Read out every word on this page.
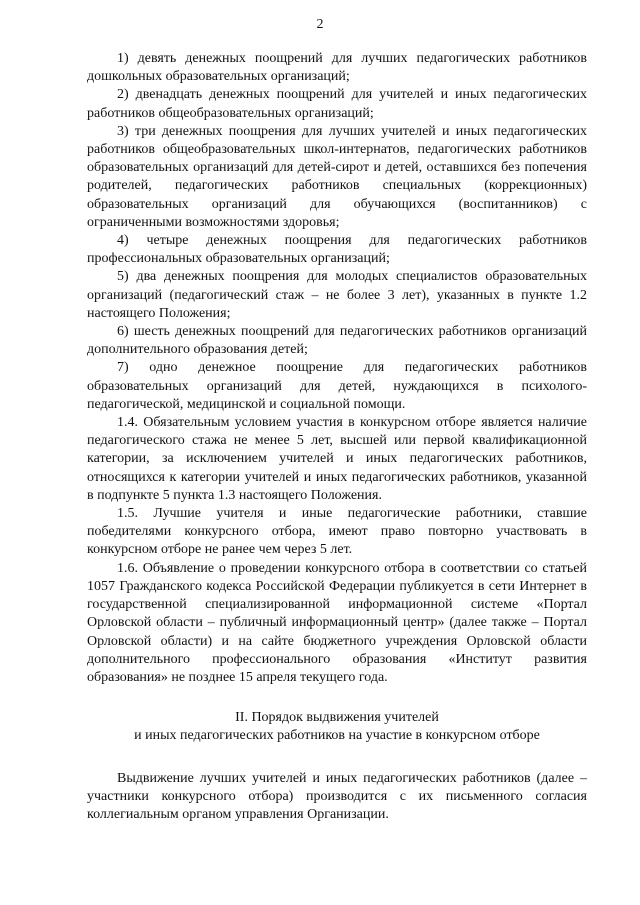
2

1) девять денежных поощрений для лучших педагогических работников дошкольных образовательных организаций;

2) двенадцать денежных поощрений для учителей и иных педагогических работников общеобразовательных организаций;

3) три денежных поощрения для лучших учителей и иных педагогических работников общеобразовательных школ-интернатов, педагогических работников образовательных организаций для детей-сирот и детей, оставшихся без попечения родителей, педагогических работников специальных (коррекционных) образовательных организаций для обучающихся (воспитанников) с ограниченными возможностями здоровья;

4) четыре денежных поощрения для педагогических работников профессиональных образовательных организаций;

5) два денежных поощрения для молодых специалистов образовательных организаций (педагогический стаж – не более 3 лет), указанных в пункте 1.2 настоящего Положения;

6) шесть денежных поощрений для педагогических работников организаций дополнительного образования детей;

7) одно денежное поощрение для педагогических работников образовательных организаций для детей, нуждающихся в психолого-педагогической, медицинской и социальной помощи.

1.4. Обязательным условием участия в конкурсном отборе является наличие педагогического стажа не менее 5 лет, высшей или первой квалификационной категории, за исключением учителей и иных педагогических работников, относящихся к категории учителей и иных педагогических работников, указанной в подпункте 5 пункта 1.3 настоящего Положения.

1.5. Лучшие учителя и иные педагогические работники, ставшие победителями конкурсного отбора, имеют право повторно участвовать в конкурсном отборе не ранее чем через 5 лет.

1.6. Объявление о проведении конкурсного отбора в соответствии со статьей 1057 Гражданского кодекса Российской Федерации публикуется в сети Интернет в государственной специализированной информационной системе «Портал Орловской области – публичный информационный центр» (далее также – Портал Орловской области) и на сайте бюджетного учреждения Орловской области дополнительного профессионального образования «Институт развития образования» не позднее 15 апреля текущего года.

II. Порядок выдвижения учителей
и иных педагогических работников на участие в конкурсном отборе

Выдвижение лучших учителей и иных педагогических работников (далее – участники конкурсного отбора) производится с их письменного согласия коллегиальным органом управления Организации.
